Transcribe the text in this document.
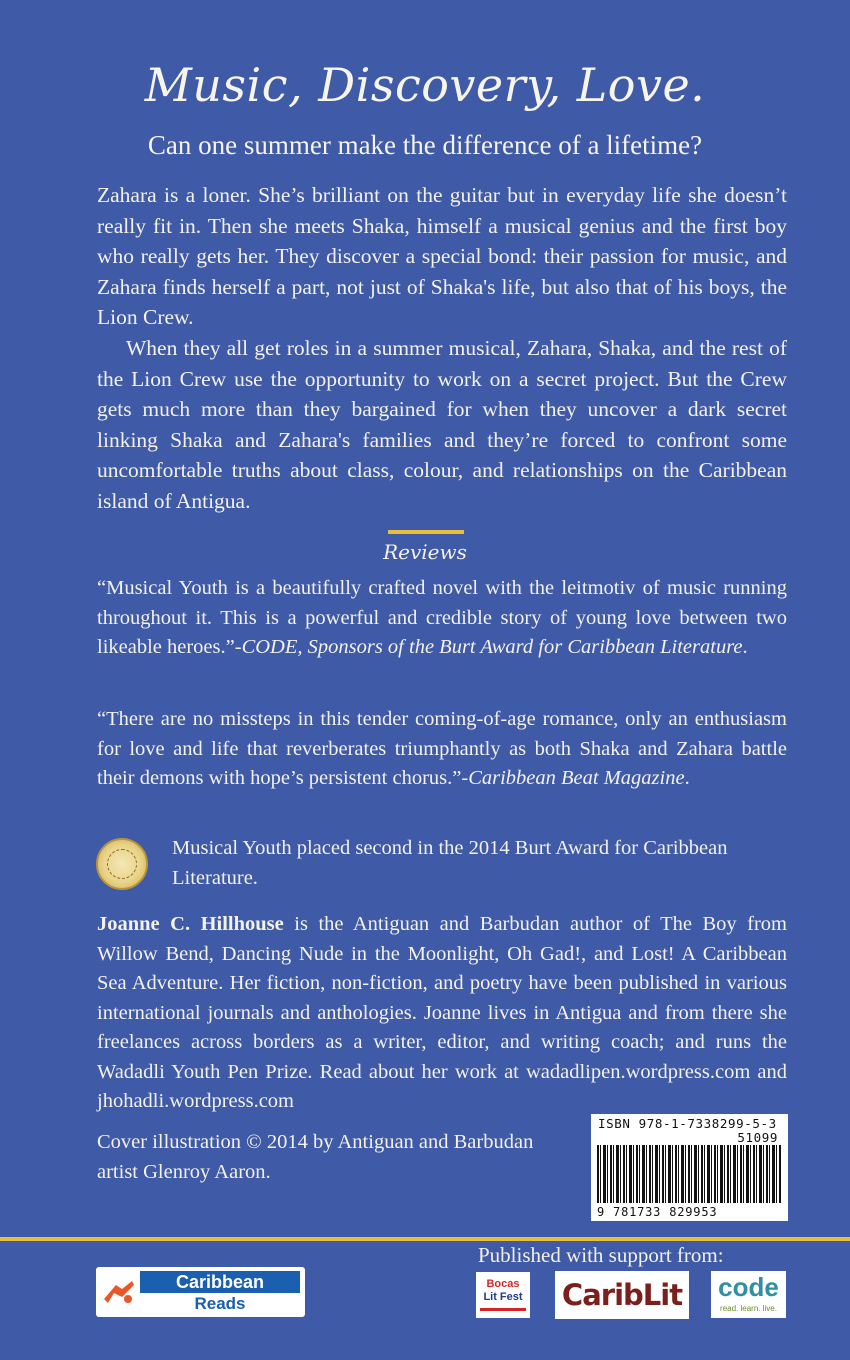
Music, Discovery, Love.
Can one summer make the difference of a lifetime?

Zahara is a loner. She’s brilliant on the guitar but in everyday life she doesn’t really fit in. Then she meets Shaka, himself a musical genius and the first boy who really gets her. They discover a special bond: their passion for music, and Zahara finds herself a part, not just of Shaka's life, but also that of his boys, the Lion Crew.

When they all get roles in a summer musical, Zahara, Shaka, and the rest of the Lion Crew use the opportunity to work on a secret project. But the Crew gets much more than they bargained for when they uncover a dark secret linking Shaka and Zahara's families and they’re forced to confront some uncomfortable truths about class, colour, and relationships on the Caribbean island of Antigua.

Reviews
“Musical Youth is a beautifully crafted novel with the leitmotiv of music running throughout it. This is a powerful and credible story of young love between two likeable heroes.”-CODE, Sponsors of the Burt Award for Caribbean Literature.
“There are no missteps in this tender coming-of-age romance, only an enthusiasm for love and life that reverberates triumphantly as both Shaka and Zahara battle their demons with hope’s persistent chorus.”-Caribbean Beat Magazine.
Musical Youth placed second in the 2014 Burt Award for Caribbean Literature.
Joanne C. Hillhouse is the Antiguan and Barbudan author of The Boy from Willow Bend, Dancing Nude in the Moonlight, Oh Gad!, and Lost! A Caribbean Sea Adventure. Her fiction, non-fiction, and poetry have been published in various international journals and anthologies. Joanne lives in Antigua and from there she freelances across borders as a writer, editor, and writing coach; and runs the Wadadli Youth Pen Prize. Read about her work at wadadlipen.wordpress.com and jhohadli.wordpress.com
Cover illustration © 2014 by Antiguan and Barbudan artist Glenroy Aaron.
ISBN 978-1-7338299-5-3
51099
9 781733 829953
Published with support from:
Caribbean
Reads
Bocas
Lit Fest CaribLit code
read. learn. live.
